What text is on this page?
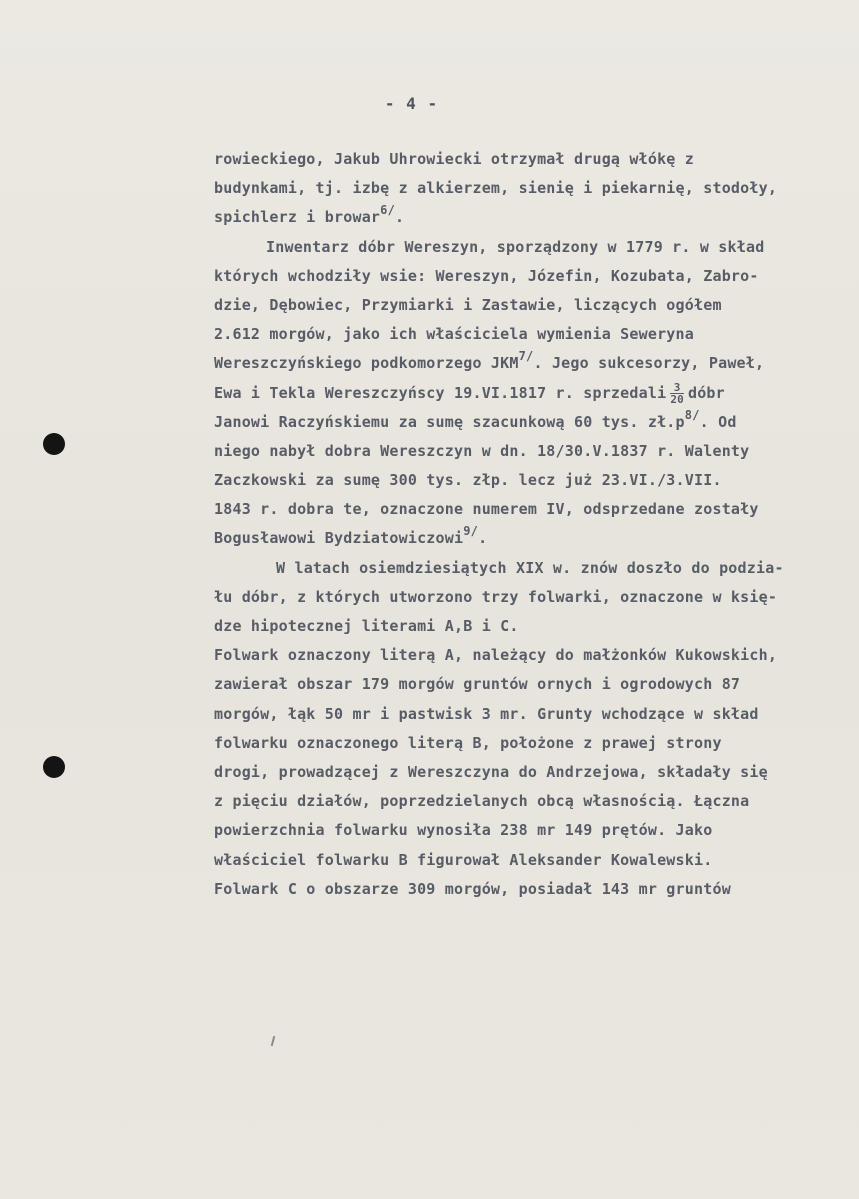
- 4 -
rowieckiego, Jakub Uhrowiecki otrzymał drugą włókę z
budynkami, tj. izbę z alkierzem, sienię i piekarnię, stodoły,
spichlerz i browar$^{6/}$.
Inwentarz dóbr Wereszyn, sporządzony w 1779 r. w skład
których wchodziły wsie: Wereszyn, Józefin, Kozubata, Zabro-
dzie, Dębowiec, Przymiarki i Zastawie, liczących ogółem
2.612 morgów, jako ich właściciela wymienia Seweryna
Wereszczyńskiego podkomorzego $JKM^{7/}$. Jego sukcesorzy, Paweł,
Ewa i Tekla Wereszczyńscy 19.VI.1817 r. sprzedali $\frac{3}{20}$ dóbr
Janowi Raczyńskiemu za sumę szacunkową 60 tys. $zł.p^{8/}$. Od
niego nabył dobra Wereszczyn w dn. 18/30.V.1837 r. Walenty
Zaczkowski za sumę 300 tys. złp. lecz już 23.VI./3.VII.
1843 r. dobra te, oznaczone numerem IV, odsprzedane zostały
Bogusławowi Bydziatowiczowi$^{9/}$.
W latach osiemdziesiątych XIX w. znów doszło do podzia-
łu dóbr, z których utworzono trzy folwarki, oznaczone w księ-
dze hipotecznej literami A,B i C.
Folwark oznaczony literą A, należący do małżonków Kukowskich,
zawierał obszar 179 morgów gruntów ornych i ogrodowych 87
morgów, łąk 50 mr i pastwisk 3 mr. Grunty wchodzące w skład
folwarku oznaczonego literą B, położone z prawej strony
drogi, prowadzącej z Wereszczyna do Andrzejowa, składały się
z pięciu działów, poprzedzielanych obcą własnością. Łączna
powierzchnia folwarku wynosiła 238 mr 149 prętów. Jako
właściciel folwarku B figurował Aleksander Kowalewski.
Folwark C o obszarze 309 morgów, posiadał 143 mr gruntów
